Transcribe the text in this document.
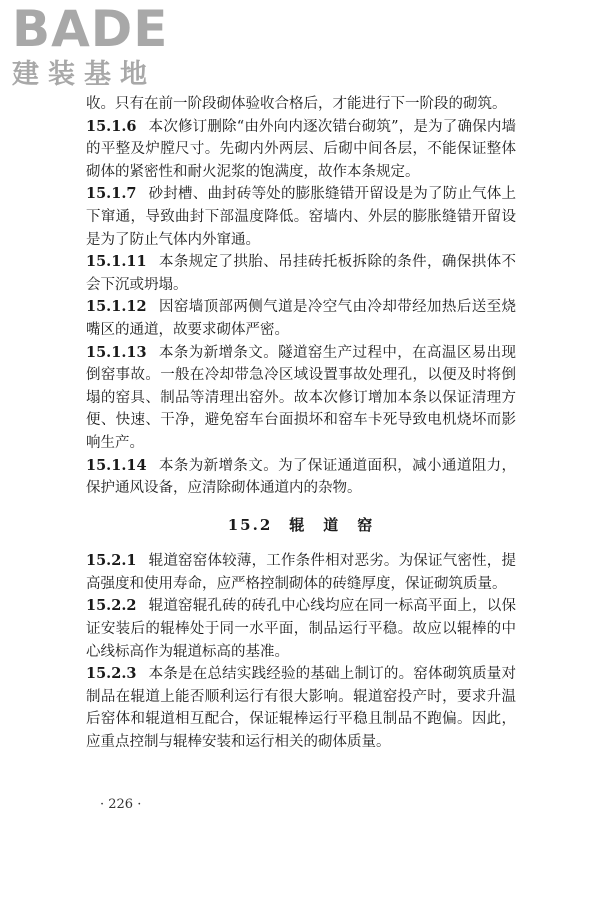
BADE
建装基地

收。只有在前一阶段砌体验收合格后，才能进行下一阶段的砌筑。

15.1.6 本次修订删除“由外向内逐次错台砌筑”，是为了确保内墙的平整及炉膛尺寸。先砌内外两层、后砌中间各层，不能保证整体砌体的紧密性和耐火泥浆的饱满度，故作本条规定。

15.1.7 砂封槽、曲封砖等处的膨胀缝错开留设是为了防止气体上下窜通，导致曲封下部温度降低。窑墙内、外层的膨胀缝错开留设是为了防止气体内外窜通。

15.1.11 本条规定了拱胎、吊挂砖托板拆除的条件，确保拱体不会下沉或坍塌。

15.1.12 因窑墙顶部两侧气道是冷空气由冷却带经加热后送至烧嘴区的通道，故要求砌体严密。

15.1.13 本条为新增条文。隧道窑生产过程中，在高温区易出现倒窑事故。一般在冷却带急冷区域设置事故处理孔，以便及时将倒塌的窑具、制品等清理出窑外。故本次修订增加本条以保证清理方便、快速、干净，避免窑车台面损坏和窑车卡死导致电机烧坏而影响生产。

15.1.14 本条为新增条文。为了保证通道面积，减小通道阻力，保护通风设备，应清除砌体通道内的杂物。

15.2　辊　道　窑

15.2.1 辊道窑窑体较薄，工作条件相对恶劣。为保证气密性，提高强度和使用寿命，应严格控制砌体的砖缝厚度，保证砌筑质量。

15.2.2 辊道窑辊孔砖的砖孔中心线均应在同一标高平面上，以保证安装后的辊棒处于同一水平面，制品运行平稳。故应以辊棒的中心线标高作为辊道标高的基准。

15.2.3 本条是在总结实践经验的基础上制订的。窑体砌筑质量对制品在辊道上能否顺利运行有很大影响。辊道窑投产时，要求升温后窑体和辊道相互配合，保证辊棒运行平稳且制品不跑偏。因此，应重点控制与辊棒安装和运行相关的砌体质量。

· 226 ·
